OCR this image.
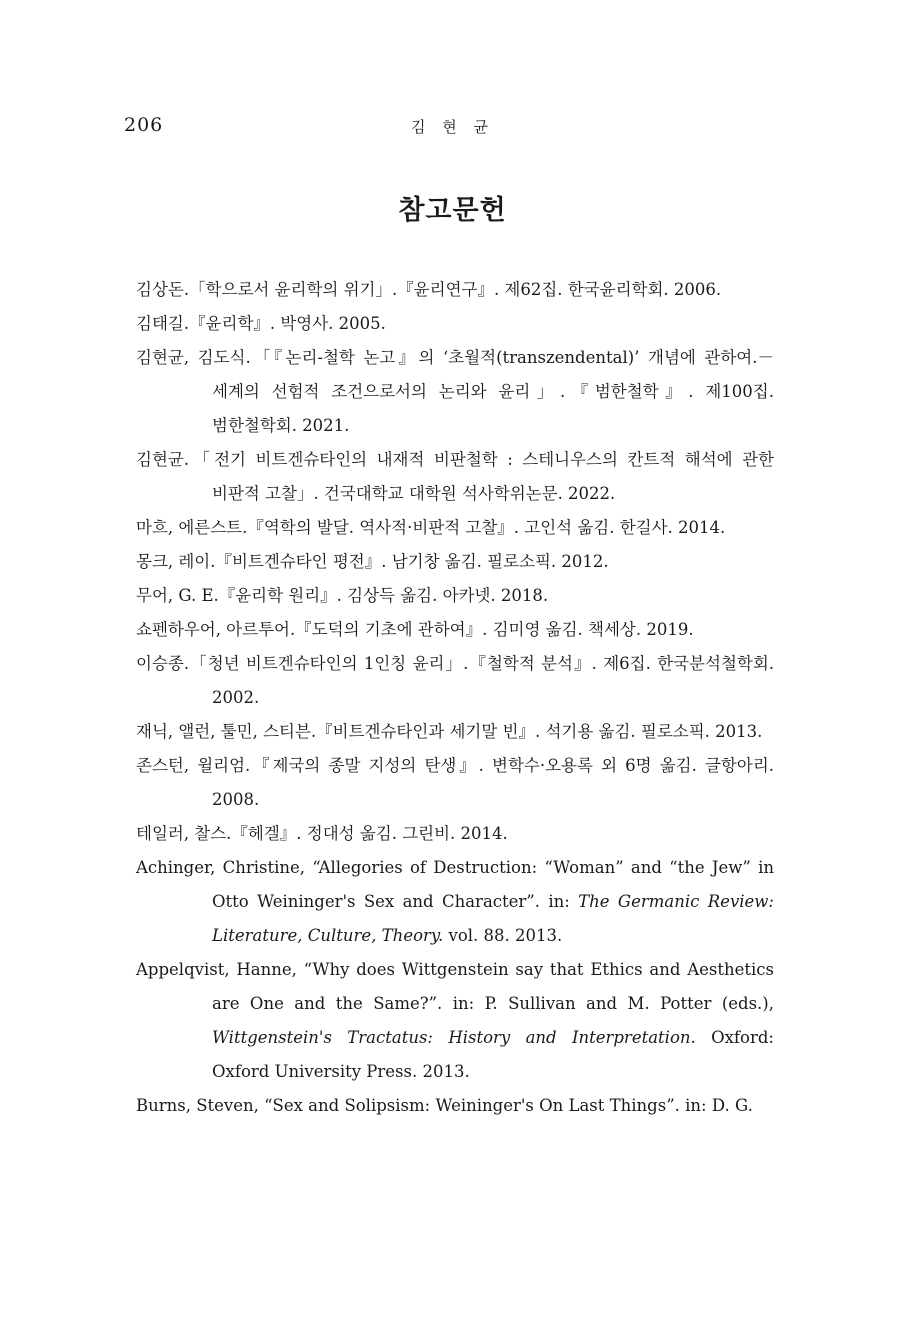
206	김 현 균
참고문헌
김상돈.「학으로서 윤리학의 위기」.『윤리연구』. 제62집. 한국윤리학회. 2006.
김태길.『윤리학』. 박영사. 2005.
김현균, 김도식.「『논리-철학 논고』의 ‘초월적(transzendental)’ 개념에 관하여.－세계의 선험적 조건으로서의 논리와 윤리」.『범한철학』. 제100집. 범한철학회. 2021.
김현균.「전기 비트겐슈타인의 내재적 비판철학 : 스테니우스의 칸트적 해석에 관한 비판적 고찰」. 건국대학교 대학원 석사학위논문. 2022.
마흐, 에른스트.『역학의 발달. 역사적·비판적 고찰』. 고인석 옮김. 한길사. 2014.
몽크, 레이.『비트겐슈타인 평전』. 남기창 옮김. 필로소픽. 2012.
무어, G. E.『윤리학 원리』. 김상득 옮김. 아카넷. 2018.
쇼펜하우어, 아르투어.『도덕의 기초에 관하여』. 김미영 옮김. 책세상. 2019.
이승종.「청년 비트겐슈타인의 1인칭 윤리」.『철학적 분석』. 제6집. 한국분석철학회. 2002.
재닉, 앨런, 툴민, 스티븐.『비트겐슈타인과 세기말 빈』. 석기용 옮김. 필로소픽. 2013.
존스턴, 윌리엄.『제국의 종말 지성의 탄생』. 변학수·오용록 외 6명 옮김. 글항아리. 2008.
테일러, 찰스.『헤겔』. 정대성 옮김. 그린비. 2014.
Achinger, Christine, “Allegories of Destruction: “Woman” and “the Jew” in Otto Weininger's Sex and Character”. in: The Germanic Review: Literature, Culture, Theory. vol. 88. 2013.
Appelqvist, Hanne, “Why does Wittgenstein say that Ethics and Aesthetics are One and the Same?”. in: P. Sullivan and M. Potter (eds.), Wittgenstein's Tractatus: History and Interpretation. Oxford: Oxford University Press. 2013.
Burns, Steven, “Sex and Solipsism: Weininger's On Last Things”. in: D. G.
